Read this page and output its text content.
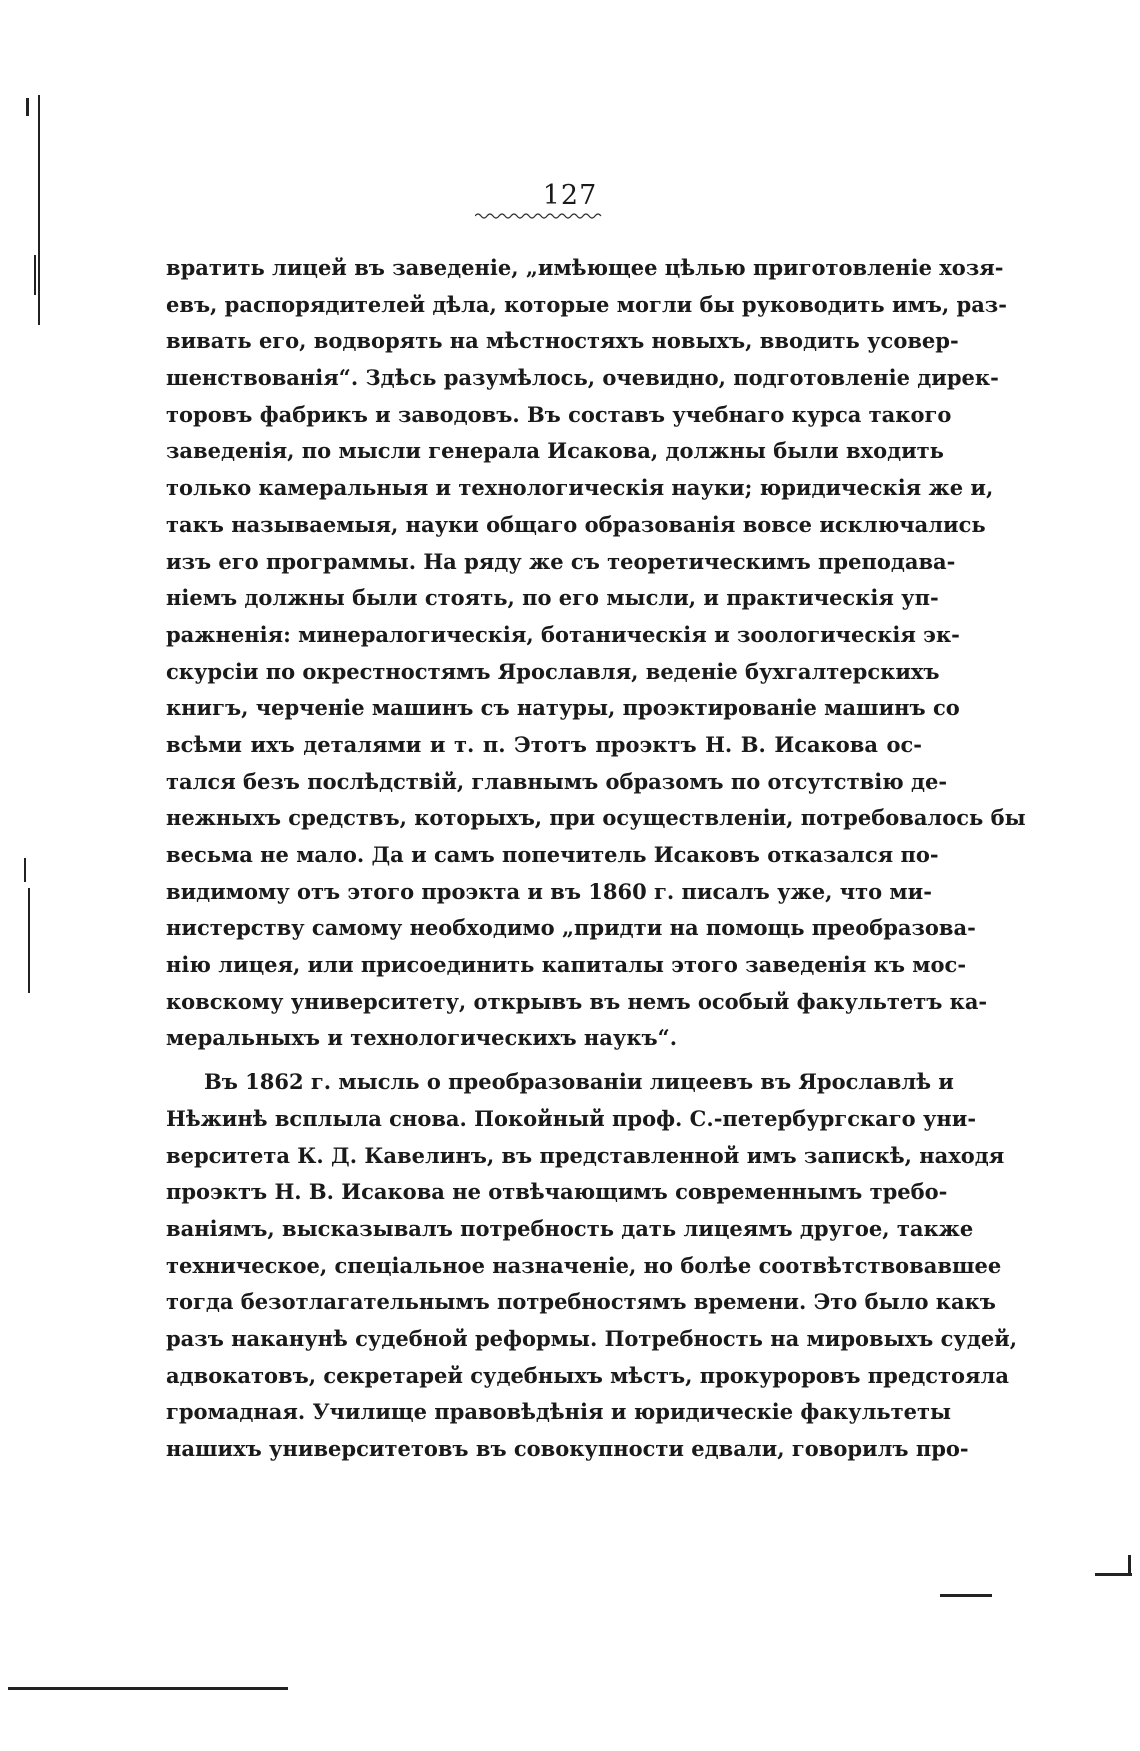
127
вратить лицей въ заведеніе, „имѣющее цѣлью приготовленіе хозя-
евъ, распорядителей дѣла, которые могли бы руководить имъ, раз-
вивать его, водворять на мѣстностяхъ новыхъ, вводить усовер-
шенствованія“. Здѣсь разумѣлось, очевидно, подготовленіе дирек-
торовъ фабрикъ и заводовъ. Въ составъ учебнаго курса такого
заведенія, по мысли генерала Исакова, должны были входить
только камеральныя и технологическія науки; юридическія же и,
такъ называемыя, науки общаго образованія вовсе исключались
изъ его программы. На ряду же съ теоретическимъ преподава-
ніемъ должны были стоять, по его мысли, и практическія уп-
ражненія: минералогическія, ботаническія и зоологическія эк-
скурсіи по окрестностямъ Ярославля, веденіе бухгалтерскихъ
книгъ, черченіе машинъ съ натуры, проэктированіе машинъ со
всѣми ихъ деталями и т. п. Этотъ проэктъ Н. В. Исакова ос-
тался безъ послѣдствій, главнымъ образомъ по отсутствію де-
нежныхъ средствъ, которыхъ, при осуществленіи, потребовалось бы
весьма не мало. Да и самъ попечитель Исаковъ отказался по-
видимому отъ этого проэкта и въ 1860 г. писалъ уже, что ми-
нистерству самому необходимо „придти на помощь преобразова-
нію лицея, или присоединить капиталы этого заведенія къ мос-
ковскому университету, открывъ въ немъ особый факультетъ ка-
меральныхъ и технологическихъ наукъ“.
Въ 1862 г. мысль о преобразованіи лицеевъ въ Ярославлѣ и
Нѣжинѣ всплыла снова. Покойный проф. С.-петербургскаго уни-
верситета К. Д. Кавелинъ, въ представленной имъ запискѣ, находя
проэктъ Н. В. Исакова не отвѣчающимъ современнымъ требо-
ваніямъ, высказывалъ потребность дать лицеямъ другое, также
техническое, спеціальное назначеніе, но болѣе соотвѣтствовавшее
тогда безотлагательнымъ потребностямъ времени. Это было какъ
разъ наканунѣ судебной реформы. Потребность на мировыхъ судей,
адвокатовъ, секретарей судебныхъ мѣстъ, прокуроровъ предстояла
громадная. Училище правовѣдѣнія и юридическіе факультеты
нашихъ университетовъ въ совокупности едвали, говорилъ про-
